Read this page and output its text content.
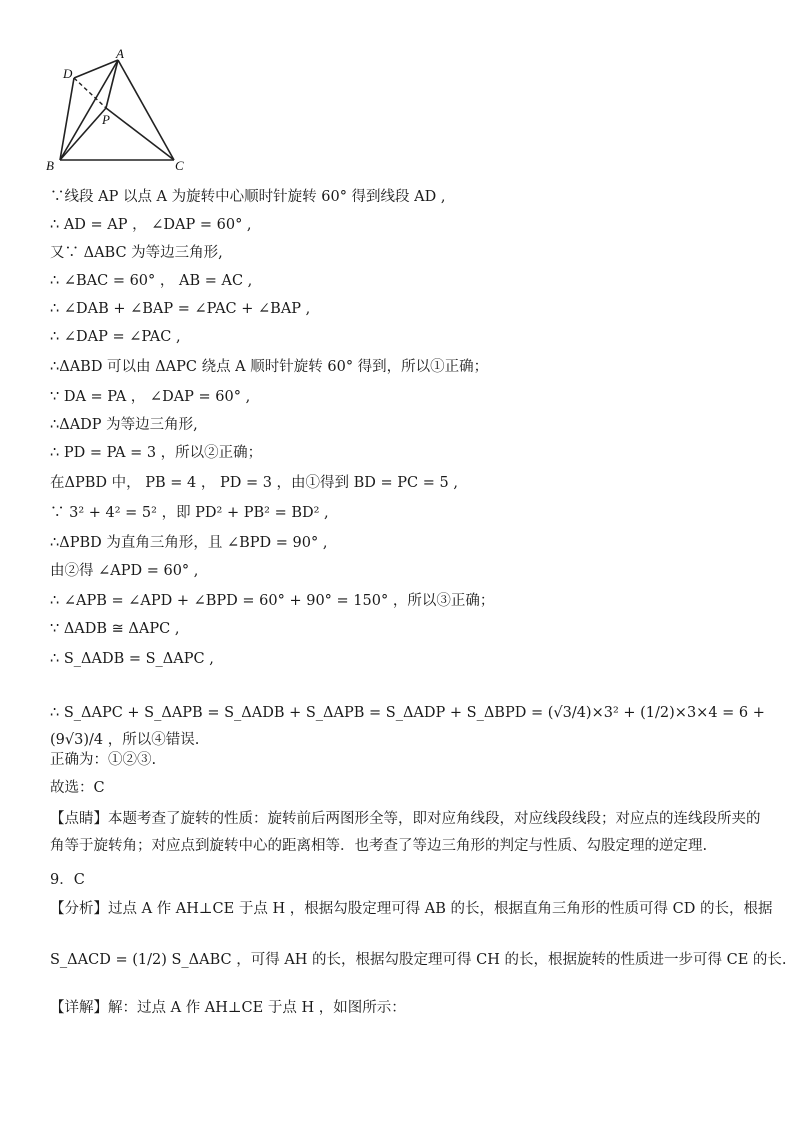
A
B	C
D
P
∵线段 AP 以点 A 为旋转中心顺时针旋转 60° 得到线段 AD ,
∴ AD = AP ， ∠DAP = 60° ,
又∵ ΔABC 为等边三角形,
∴ ∠BAC = 60° ， AB = AC ,
∴ ∠DAB + ∠BAP = ∠PAC + ∠BAP ,
∴ ∠DAP = ∠PAC ,
∴ΔABD 可以由 ΔAPC 绕点 A 顺时针旋转 60° 得到，所以①正确；
∵ DA = PA ， ∠DAP = 60° ,
∴ΔADP 为等边三角形,
∴ PD = PA = 3 ，所以②正确；
在ΔPBD 中， PB = 4 ， PD = 3 ，由①得到 BD = PC = 5 ,
∵ 3² + 4² = 5² ，即 PD² + PB² = BD² ,
∴ΔPBD 为直角三角形，且 ∠BPD = 90° ,
由②得 ∠APD = 60° ,
∴ ∠APB = ∠APD + ∠BPD = 60° + 90° = 150° ，所以③正确；
∵ ΔADB ≅ ΔAPC ,
∴ S_ΔADB = S_ΔAPC ,
∴ S_ΔAPC + S_ΔAPB = S_ΔADB + S_ΔAPB = S_ΔADP + S_ΔBPD = (√3/4)×3² + (1/2)×3×4 = 6 + (9√3)/4 ，所以④错误.
正确为：①②③.
故选：C
【点睛】本题考查了旋转的性质：旋转前后两图形全等，即对应角线段，对应线段线段；对应点的连线段所夹的角等于旋转角；对应点到旋转中心的距离相等．也考查了等边三角形的判定与性质、勾股定理的逆定理.
9．C
【分析】过点 A 作 AH⊥CE 于点 H ，根据勾股定理可得 AB 的长，根据直角三角形的性质可得 CD 的长，根据
S_ΔACD = (1/2) S_ΔABC ，可得 AH 的长，根据勾股定理可得 CH 的长，根据旋转的性质进一步可得 CE 的长.
【详解】解：过点 A 作 AH⊥CE 于点 H ，如图所示：
